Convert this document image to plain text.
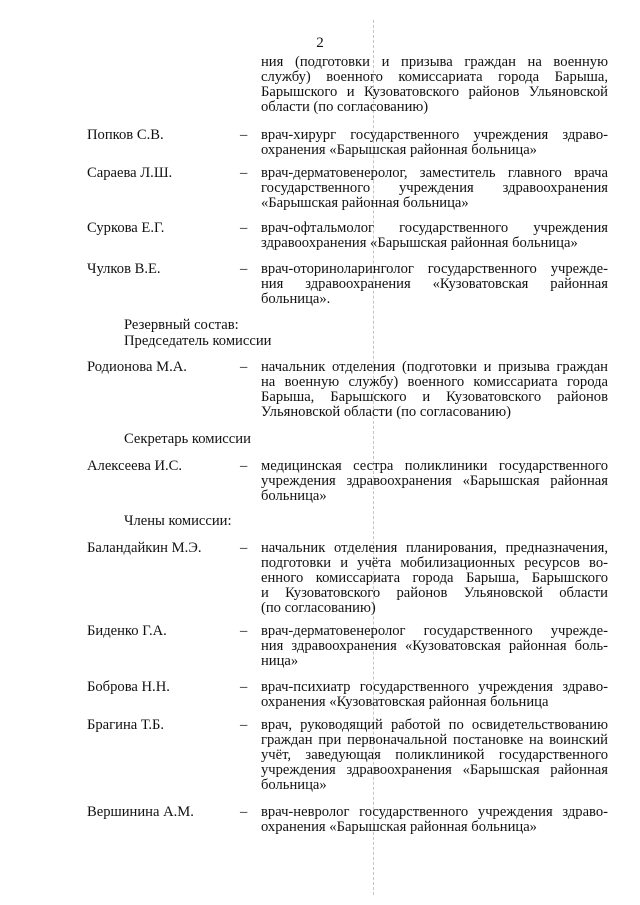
2
ния (подготовки и призыва граждан на военную
службу) военного комиссариата города Барыша,
Барышского и Кузоватовского районов Ульяновской
области (по согласованию)
Попков С.В.	– врач-хирург государственного учреждения здраво-
охранения «Барышская районная больница»
Сараева Л.Ш.	– врач-дерматовенеролог, заместитель главного врача
государственного учреждения здравоохранения
«Барышская районная больница»
Суркова Е.Г.	– врач-офтальмолог государственного учреждения
здравоохранения «Барышская районная больница»
Чулков В.Е.	– врач-оториноларинголог государственного учрежде-
ния здравоохранения «Кузоватовская районная
больница».
Резервный состав:
Председатель комиссии
Родионова М.А.	– начальник отделения (подготовки и призыва граждан
на военную службу) военного комиссариата города
Барыша, Барышского и Кузоватовского районов
Ульяновской области (по согласованию)
Секретарь комиссии
Алексеева И.С.	– медицинская сестра поликлиники государственного
учреждения здравоохранения «Барышская районная
больница»
Члены комиссии:
Баландайкин М.Э.	– начальник отделения планирования, предназначения,
подготовки и учёта мобилизационных ресурсов во-
енного комиссариата города Барыша, Барышского
и Кузоватовского районов Ульяновской области
(по согласованию)
Биденко Г.А.	– врач-дерматовенеролог государственного учрежде-
ния здравоохранения «Кузоватовская районная боль-
ница»
Боброва Н.Н.	– врач-психиатр государственного учреждения здраво-
охранения «Кузоватовская районная больница
Брагина Т.Б.	– врач, руководящий работой по освидетельствованию
граждан при первоначальной постановке на воинский
учёт, заведующая поликлиникой государственного
учреждения здравоохранения «Барышская районная
больница»
Вершинина А.М.	– врач-невролог государственного учреждения здраво-
охранения «Барышская районная больница»
